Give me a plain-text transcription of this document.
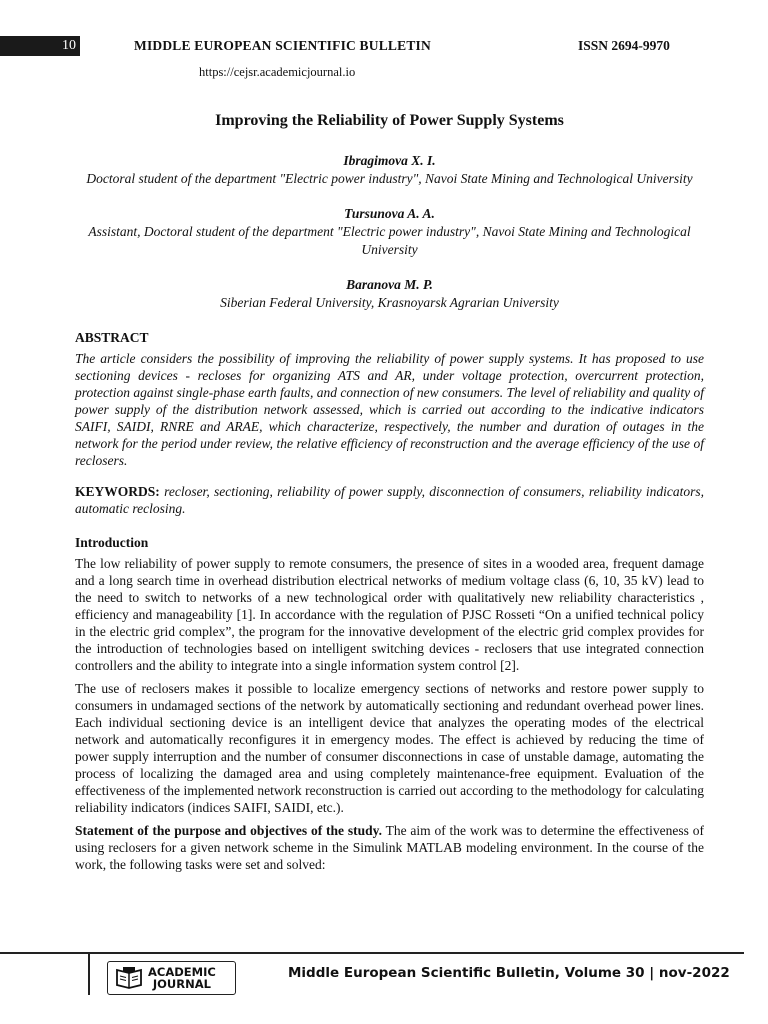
10	MIDDLE EUROPEAN SCIENTIFIC BULLETIN	ISSN 2694-9970
https://cejsr.academicjournal.io
Improving the Reliability of Power Supply Systems
Ibragimova X. I.
Doctoral student of the department "Electric power industry", Navoi State Mining and Technological University
Tursunova A. A.
Assistant, Doctoral student of the department "Electric power industry", Navoi State Mining and Technological University
Baranova M. P.
Siberian Federal University, Krasnoyarsk Agrarian University
ABSTRACT
The article considers the possibility of improving the reliability of power supply systems. It has proposed to use sectioning devices - recloses for organizing ATS and AR, under voltage protection, overcurrent protection, protection against single-phase earth faults, and connection of new consumers. The level of reliability and quality of power supply of the distribution network assessed, which is carried out according to the indicative indicators SAIFI, SAIDI, RNRE and ARAE, which characterize, respectively, the number and duration of outages in the network for the period under review, the relative efficiency of reconstruction and the average efficiency of the use of reclosers.
KEYWORDS: recloser, sectioning, reliability of power supply, disconnection of consumers, reliability indicators, automatic reclosing.
Introduction

The low reliability of power supply to remote consumers, the presence of sites in a wooded area, frequent damage and a long search time in overhead distribution electrical networks of medium voltage class (6, 10, 35 kV) lead to the need to switch to networks of a new technological order with qualitatively new reliability characteristics , efficiency and manageability [1]. In accordance with the regulation of PJSC Rosseti “On a unified technical policy in the electric grid complex”, the program for the innovative development of the electric grid complex provides for the introduction of technologies based on intelligent switching devices - reclosers that use integrated connection controllers and the ability to integrate into a single information system control [2].

The use of reclosers makes it possible to localize emergency sections of networks and restore power supply to consumers in undamaged sections of the network by automatically sectioning and redundant overhead power lines. Each individual sectioning device is an intelligent device that analyzes the operating modes of the electrical network and automatically reconfigures it in emergency modes. The effect is achieved by reducing the time of power supply interruption and the number of consumer disconnections in case of unstable damage, automating the process of localizing the damaged area and using completely maintenance-free equipment. Evaluation of the effectiveness of the implemented network reconstruction is carried out according to the methodology for calculating reliability indicators (indices SAIFI, SAIDI, etc.).

Statement of the purpose and objectives of the study. The aim of the work was to determine the effectiveness of using reclosers for a given network scheme in the Simulink MATLAB modeling environment. In the course of the work, the following tasks were set and solved:

ACADEMIC
JOURNAL
Middle European Scientific Bulletin, Volume 30 | nov-2022
